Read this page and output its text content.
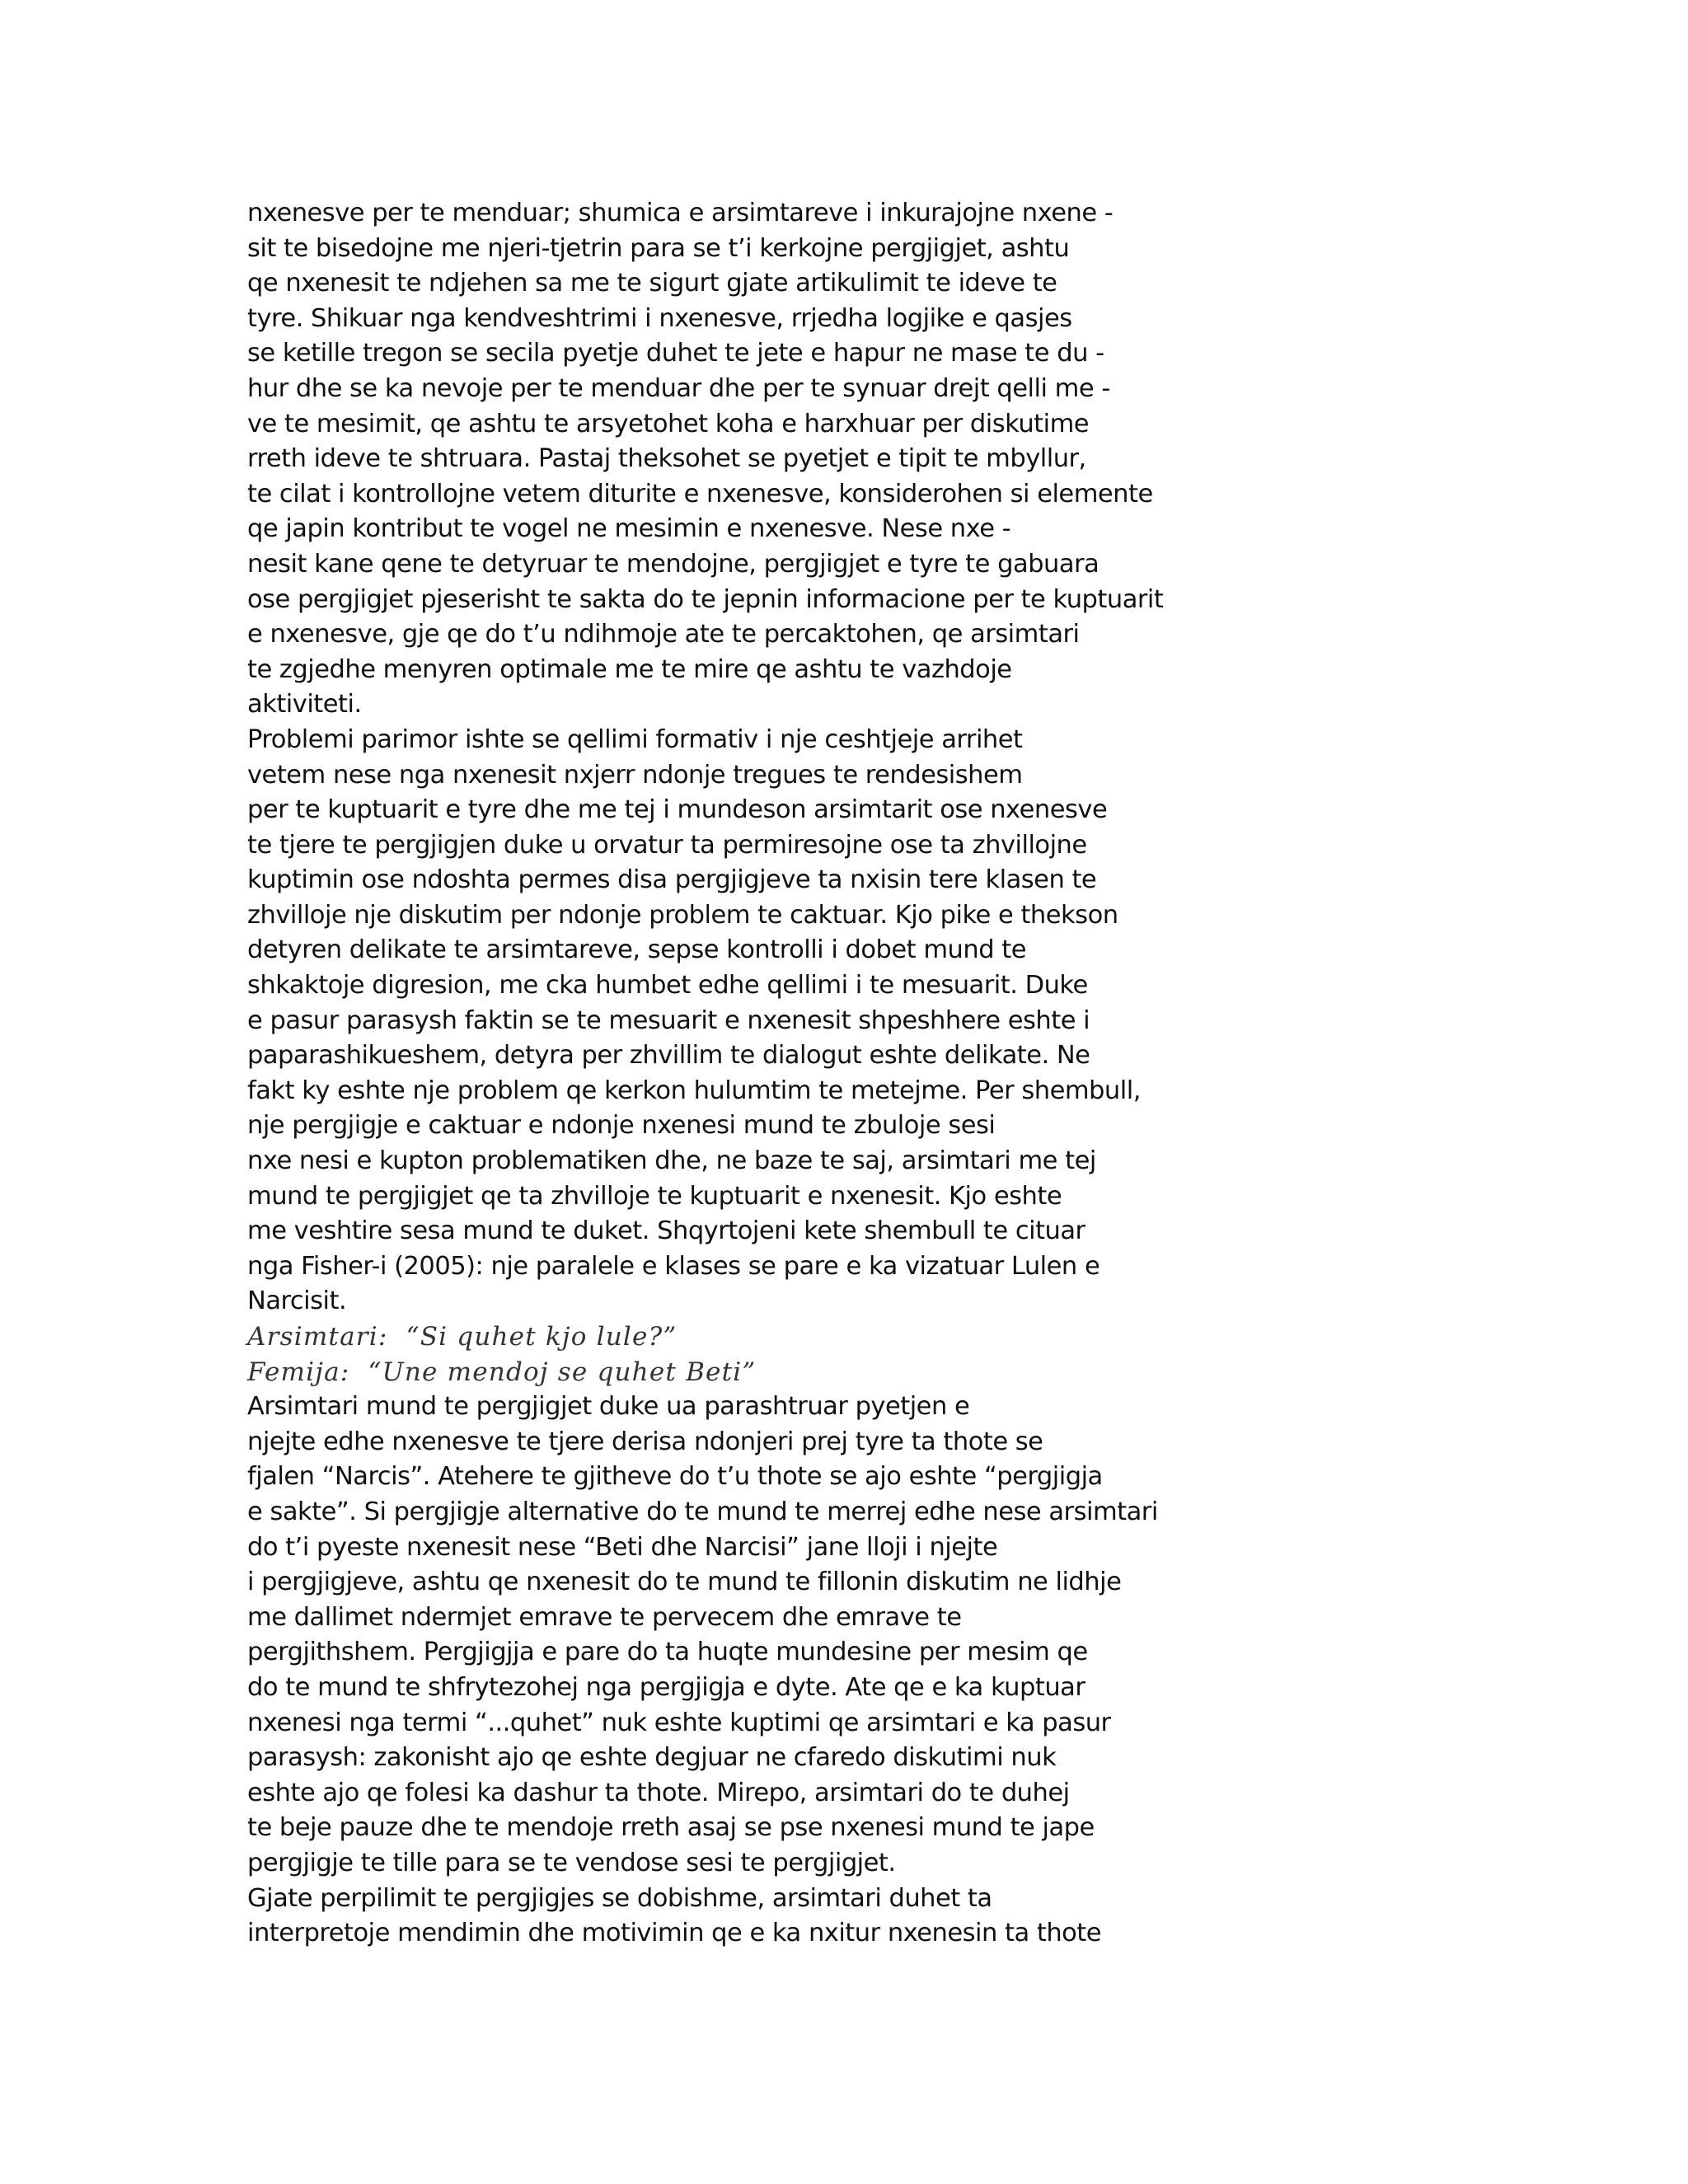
nxenesve per te menduar; shumica e arsimtareve i inkurajojne nxene -
sit te bisedojne me njeri-tjetrin para se t’i kerkojne pergjigjet, ashtu
qe nxenesit te ndjehen sa me te sigurt gjate artikulimit te ideve te
tyre. Shikuar nga kendveshtrimi i nxenesve, rrjedha logjike e qasjes
se ketille tregon se secila pyetje duhet te jete e hapur ne mase te du -
hur dhe se ka nevoje per te menduar dhe per te synuar drejt qelli me -
ve te mesimit, qe ashtu te arsyetohet koha e harxhuar per diskutime
rreth ideve te shtruara. Pastaj theksohet se pyetjet e tipit te mbyllur,
te cilat i kontrollojne vetem diturite e nxenesve, konsiderohen si elemente
qe japin kontribut te vogel ne mesimin e nxenesve. Nese nxe -
nesit kane qene te detyruar te mendojne, pergjigjet e tyre te gabuara
ose pergjigjet pjeserisht te sakta do te jepnin informacione per te kuptuarit
e nxenesve, gje qe do t’u ndihmoje ate te percaktohen, qe arsimtari
te zgjedhe menyren optimale me te mire qe ashtu te vazhdoje
aktiviteti.
Problemi parimor ishte se qellimi formativ i nje ceshtjeje arrihet
vetem nese nga nxenesit nxjerr ndonje tregues te rendesishem
per te kuptuarit e tyre dhe me tej i mundeson arsimtarit ose nxenesve
te tjere te pergjigjen duke u orvatur ta permiresojne ose ta zhvillojne
kuptimin ose ndoshta permes disa pergjigjeve ta nxisin tere klasen te
zhvilloje nje diskutim per ndonje problem te caktuar. Kjo pike e thekson
detyren delikate te arsimtareve, sepse kontrolli i dobet mund te
shkaktoje digresion, me cka humbet edhe qellimi i te mesuarit. Duke
e pasur parasysh faktin se te mesuarit e nxenesit shpeshhere eshte i
paparashikueshem, detyra per zhvillim te dialogut eshte delikate. Ne
fakt ky eshte nje problem qe kerkon hulumtim te metejme. Per shembull,
nje pergjigje e caktuar e ndonje nxenesi mund te zbuloje sesi
nxe nesi e kupton problematiken dhe, ne baze te saj, arsimtari me tej
mund te pergjigjet qe ta zhvilloje te kuptuarit e nxenesit. Kjo eshte
me veshtire sesa mund te duket. Shqyrtojeni kete shembull te cituar
nga Fisher-i (2005): nje paralele e klases se pare e ka vizatuar Lulen e
Narcisit.
Arsimtari:  “Si quhet kjo lule?”
Femija:  “Une mendoj se quhet Beti”
Arsimtari mund te pergjigjet duke ua parashtruar pyetjen e
njejte edhe nxenesve te tjere derisa ndonjeri prej tyre ta thote se
fjalen “Narcis”. Atehere te gjitheve do t’u thote se ajo eshte “pergjigja
e sakte”. Si pergjigje alternative do te mund te merrej edhe nese arsimtari
do t’i pyeste nxenesit nese “Beti dhe Narcisi” jane lloji i njejte
i pergjigjeve, ashtu qe nxenesit do te mund te fillonin diskutim ne lidhje
me dallimet ndermjet emrave te pervecem dhe emrave te
pergjithshem. Pergjigjja e pare do ta huqte mundesine per mesim qe
do te mund te shfrytezohej nga pergjigja e dyte. Ate qe e ka kuptuar
nxenesi nga termi “...quhet” nuk eshte kuptimi qe arsimtari e ka pasur
parasysh: zakonisht ajo qe eshte degjuar ne cfaredo diskutimi nuk
eshte ajo qe folesi ka dashur ta thote. Mirepo, arsimtari do te duhej
te beje pauze dhe te mendoje rreth asaj se pse nxenesi mund te jape
pergjigje te tille para se te vendose sesi te pergjigjet.
Gjate perpilimit te pergjigjes se dobishme, arsimtari duhet ta
interpretoje mendimin dhe motivimin qe e ka nxitur nxenesin ta thote
